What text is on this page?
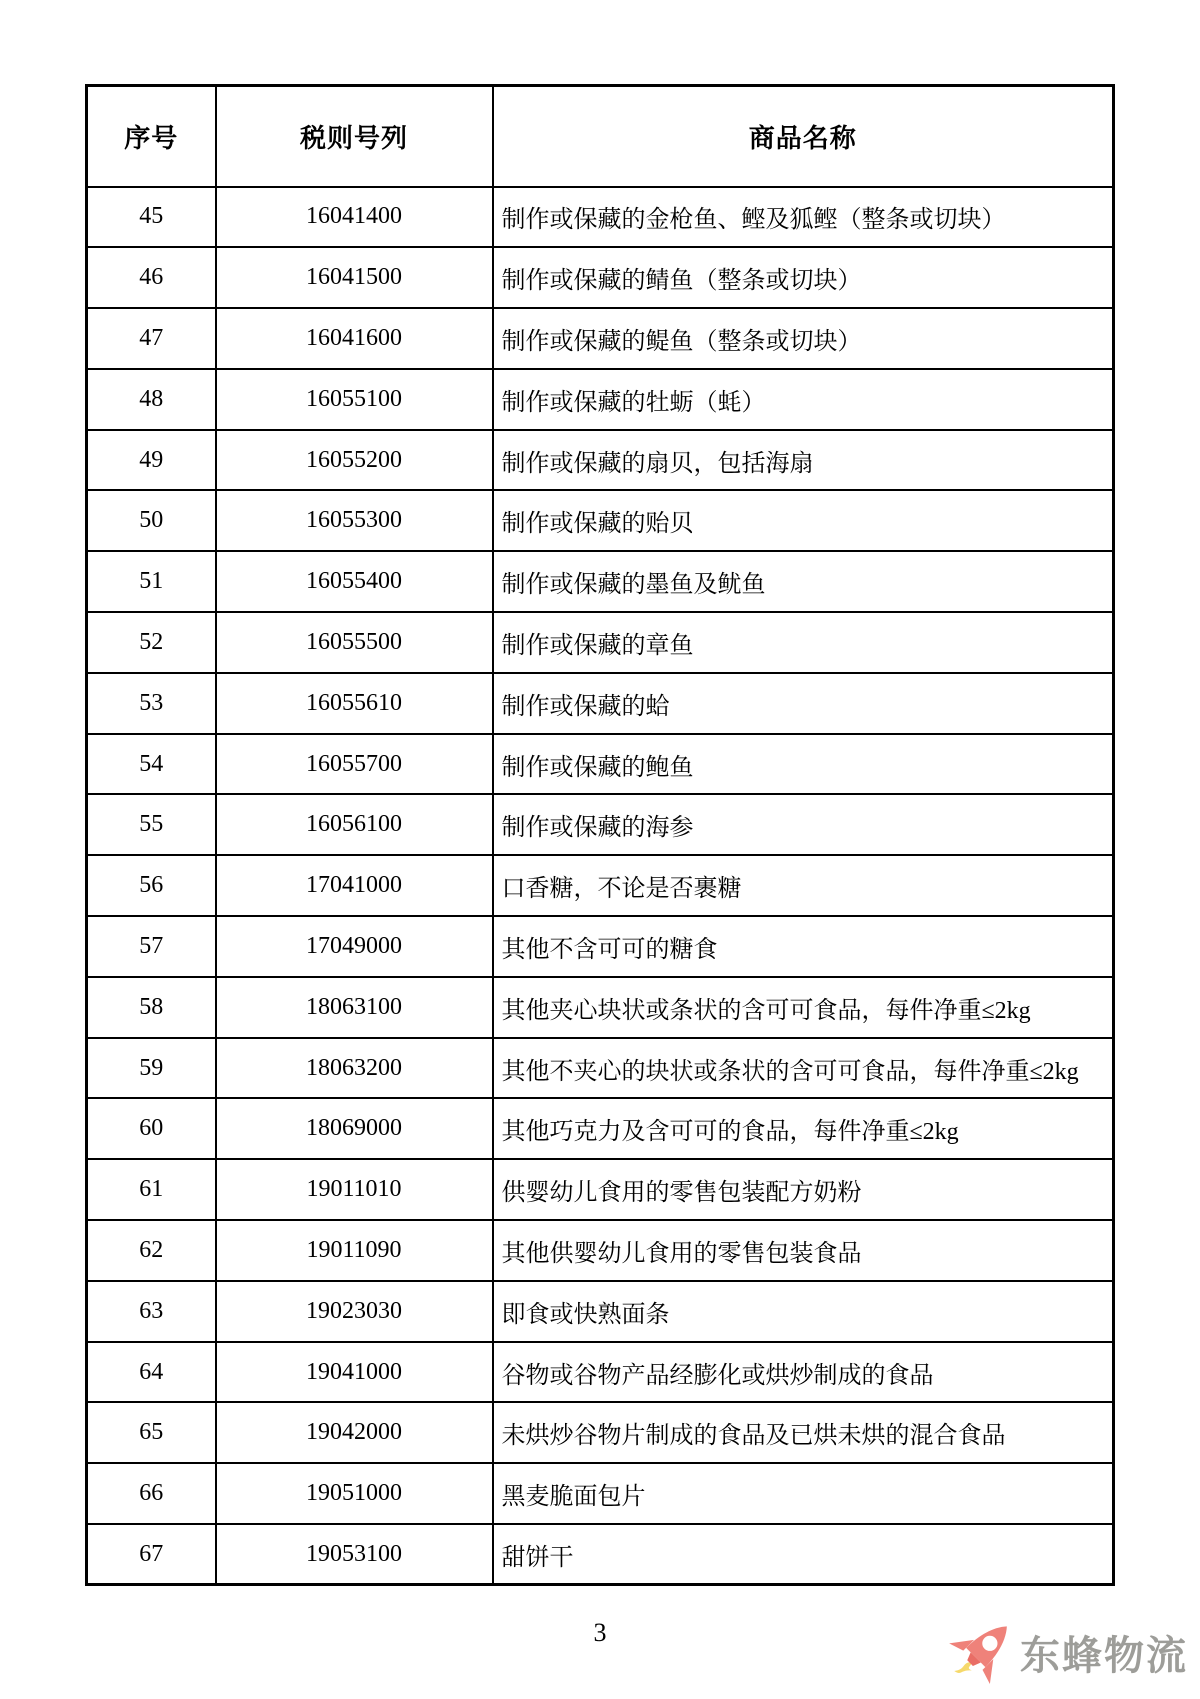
序号	税则号列	商品名称
45	16041400	制作或保藏的金枪鱼、鲣及狐鲣（整条或切块）
46	16041500	制作或保藏的鲭鱼（整条或切块）
47	16041600	制作或保藏的鳀鱼（整条或切块）
48	16055100	制作或保藏的牡蛎（蚝）
49	16055200	制作或保藏的扇贝，包括海扇
50	16055300	制作或保藏的贻贝
51	16055400	制作或保藏的墨鱼及鱿鱼
52	16055500	制作或保藏的章鱼
53	16055610	制作或保藏的蛤
54	16055700	制作或保藏的鲍鱼
55	16056100	制作或保藏的海参
56	17041000	口香糖，不论是否裹糖
57	17049000	其他不含可可的糖食
58	18063100	其他夹心块状或条状的含可可食品，每件净重≤2kg
59	18063200	其他不夹心的块状或条状的含可可食品，每件净重≤2kg
60	18069000	其他巧克力及含可可的食品，每件净重≤2kg
61	19011010	供婴幼儿食用的零售包装配方奶粉
62	19011090	其他供婴幼儿食用的零售包装食品
63	19023030	即食或快熟面条
64	19041000	谷物或谷物产品经膨化或烘炒制成的食品
65	19042000	未烘炒谷物片制成的食品及已烘未烘的混合食品
66	19051000	黑麦脆面包片
67	19053100	甜饼干
3
东蜂物流
